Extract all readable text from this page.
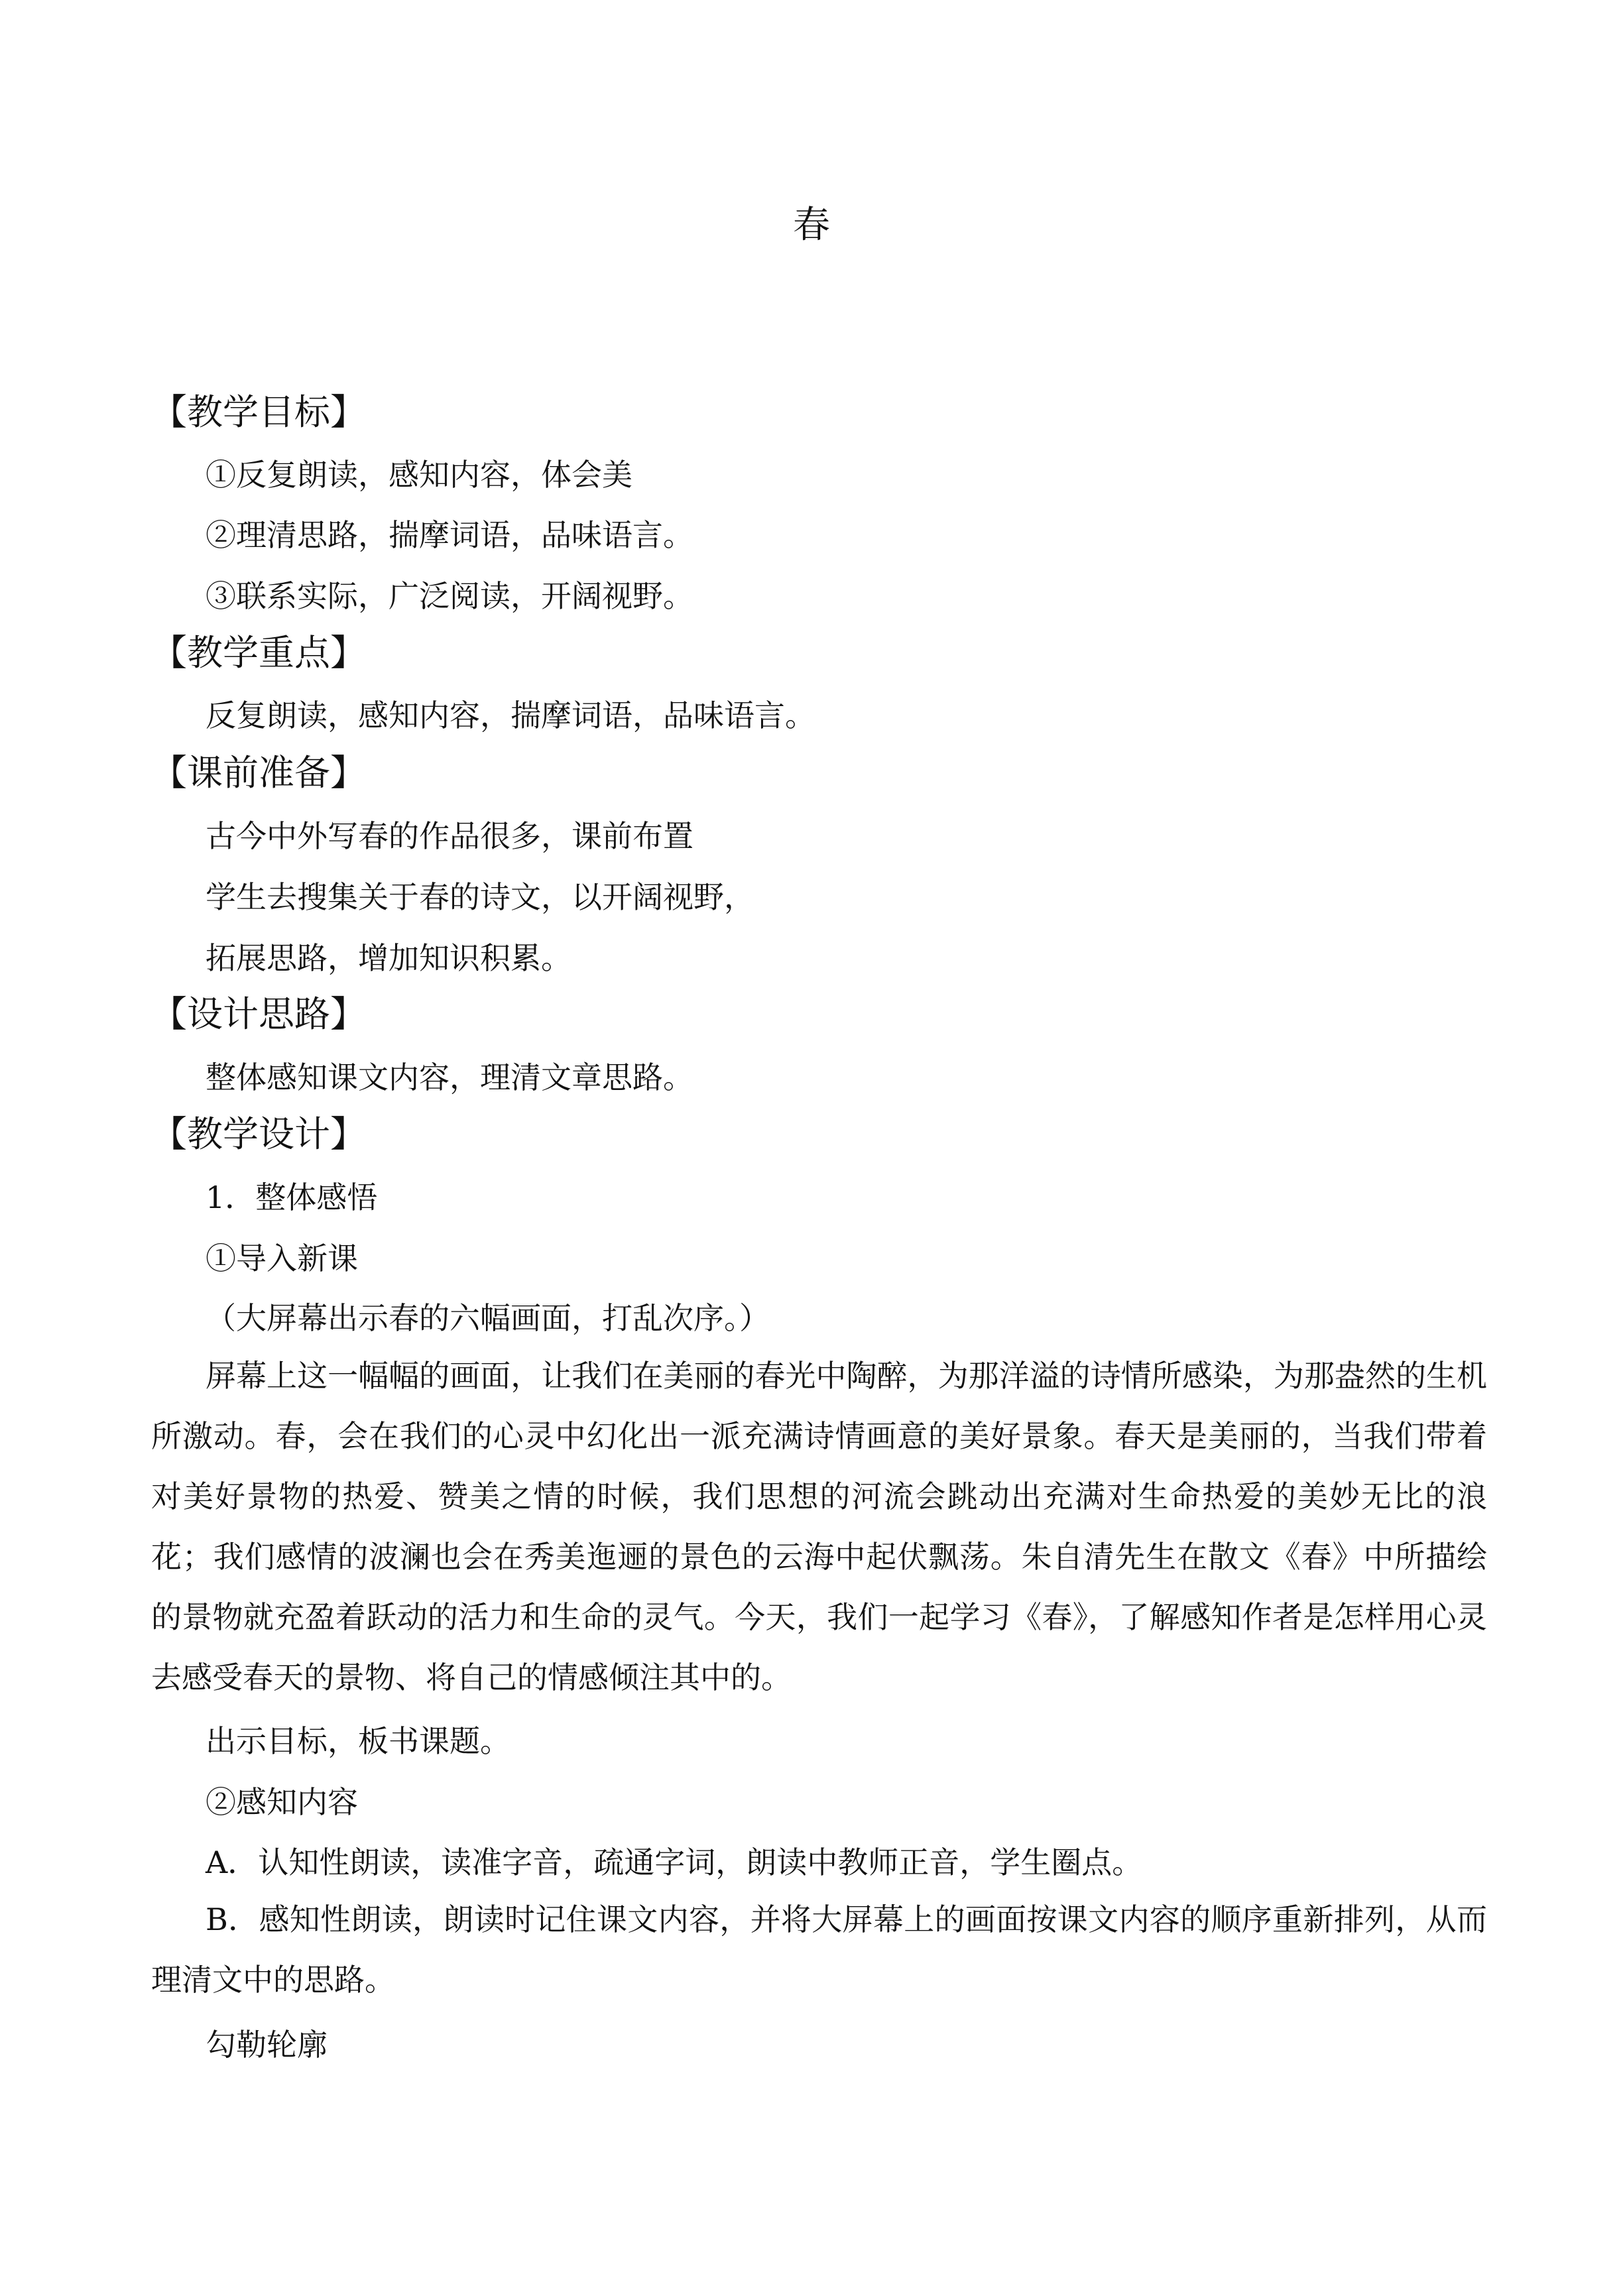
春
【教学目标】
①反复朗读，感知内容，体会美
②理清思路，揣摩词语，品味语言。
③联系实际，广泛阅读，开阔视野。
【教学重点】
反复朗读，感知内容，揣摩词语，品味语言。
【课前准备】
古今中外写春的作品很多，课前布置
学生去搜集关于春的诗文，以开阔视野，
拓展思路，增加知识积累。
【设计思路】
整体感知课文内容，理清文章思路。
【教学设计】
1．整体感悟
①导入新课
（大屏幕出示春的六幅画面，打乱次序。）
屏幕上这一幅幅的画面，让我们在美丽的春光中陶醉，为那洋溢的诗情所感染，为那盎然的生机所激动。春，会在我们的心灵中幻化出一派充满诗情画意的美好景象。春天是美丽的，当我们带着对美好景物的热爱、赞美之情的时候，我们思想的河流会跳动出充满对生命热爱的美妙无比的浪花；我们感情的波澜也会在秀美迤逦的景色的云海中起伏飘荡。朱自清先生在散文《春》中所描绘的景物就充盈着跃动的活力和生命的灵气。今天，我们一起学习《春》，了解感知作者是怎样用心灵去感受春天的景物、将自己的情感倾注其中的。
出示目标，板书课题。
②感知内容
A．认知性朗读，读准字音，疏通字词，朗读中教师正音，学生圈点。
B．感知性朗读，朗读时记住课文内容，并将大屏幕上的画面按课文内容的顺序重新排列，从而理清文中的思路。
勾勒轮廓
